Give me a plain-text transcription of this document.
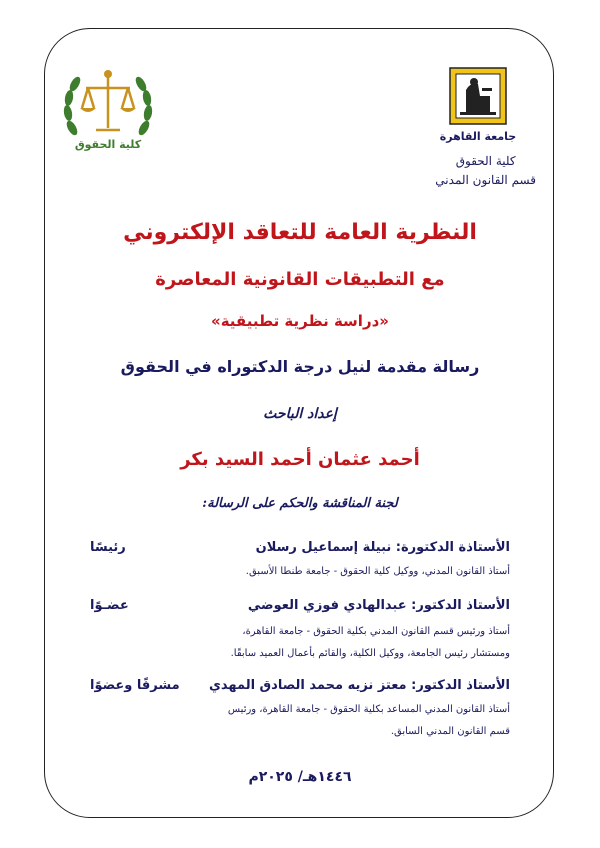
كلية الحقوق
جامعة القاهرة
كلية الحقوق
قسم القانون المدني
النظرية العامة للتعاقد الإلكتروني
مع التطبيقات القانونية المعاصرة
«دراسة نظرية تطبيقية»
رسالة مقدمة لنيل درجة الدكتوراه في الحقوق
إعداد الباحث
أحمد عثمان أحمد السيد بكر
لجنة المناقشة والحكم على الرسالة:
الأستاذة الدكتورة: نبيلة إسماعيل رسلان
رئيسًا
أستاذ القانون المدني، ووكيل كلية الحقوق - جامعة طنطا الأسبق.
الأستاذ الدكتور: عبدالهادي فوزي العوضي
عضـوًا
أستاذ ورئيس قسم القانون المدني بكلية الحقوق - جامعة القاهرة،
ومستشار رئيس الجامعة، ووكيل الكلية، والقائم بأعمال العميد سابقًا.
الأستاذ الدكتور: معتز نزيه محمد الصادق المهدي
مشرفًا وعضوًا
أستاذ القانون المدني المساعد بكلية الحقوق - جامعة القاهرة، ورئيس
قسم القانون المدني السابق.
١٤٤٦هـ/ ٢٠٢٥م
